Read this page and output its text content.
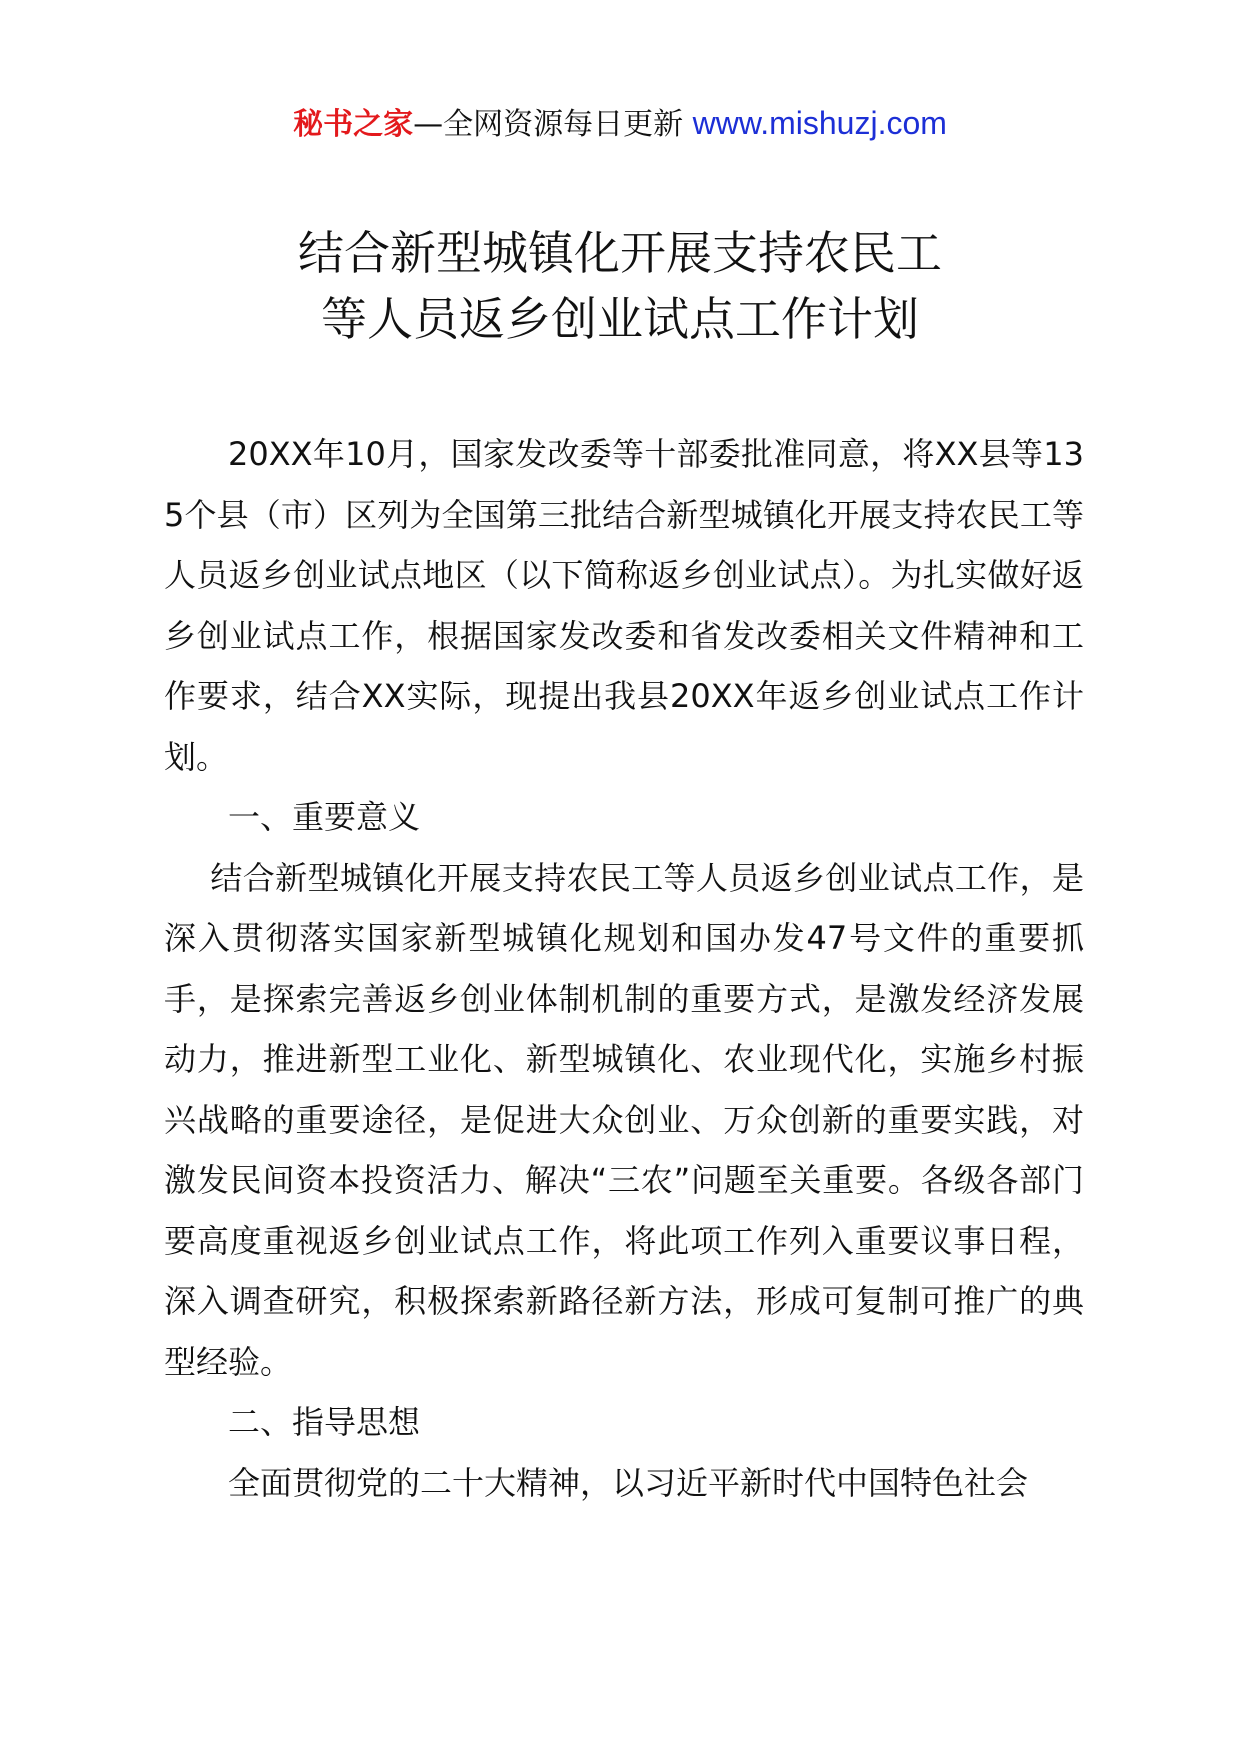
秘书之家—全网资源每日更新 www.mishuzj.com
结合新型城镇化开展支持农民工
等人员返乡创业试点工作计划

20XX年10月，国家发改委等十部委批准同意，将XX县等135个县（市）区列为全国第三批结合新型城镇化开展支持农民工等人员返乡创业试点地区（以下简称返乡创业试点）。为扎实做好返乡创业试点工作，根据国家发改委和省发改委相关文件精神和工作要求，结合XX实际，现提出我县20XX年返乡创业试点工作计划。

一、重要意义

结合新型城镇化开展支持农民工等人员返乡创业试点工作，是深入贯彻落实国家新型城镇化规划和国办发47号文件的重要抓手，是探索完善返乡创业体制机制的重要方式，是激发经济发展动力，推进新型工业化、新型城镇化、农业现代化，实施乡村振兴战略的重要途径，是促进大众创业、万众创新的重要实践，对激发民间资本投资活力、解决“三农”问题至关重要。各级各部门要高度重视返乡创业试点工作，将此项工作列入重要议事日程，深入调查研究，积极探索新路径新方法，形成可复制可推广的典型经验。

二、指导思想

全面贯彻党的二十大精神，以习近平新时代中国特色社会
